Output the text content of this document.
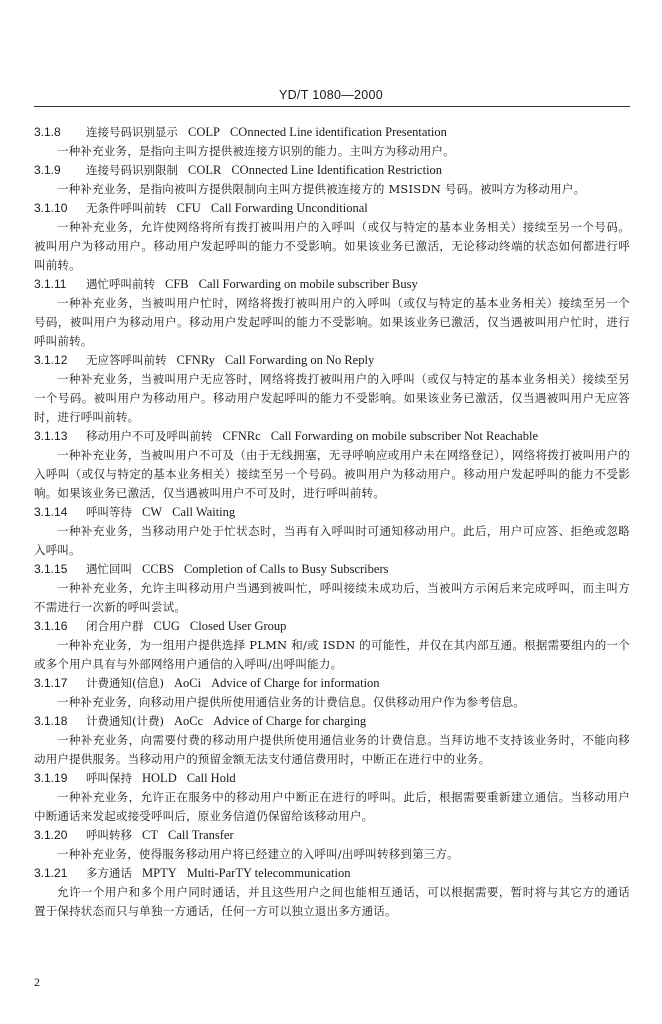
YD/T 1080—2000
3.1.8 连接号码识别显示 COLP COnnected Line identification Presentation

一种补充业务，是指向主叫方提供被连接方识别的能力。主叫方为移动用户。

3.1.9 连接号码识别限制 COLR COnnected Line Identification Restriction

一种补充业务，是指向被叫方提供限制向主叫方提供被连接方的 MSISDN 号码。被叫方为移动用户。

3.1.10 无条件呼叫前转 CFU Call Forwarding Unconditional

一种补充业务，允许使网络将所有拨打被叫用户的入呼叫（或仅与特定的基本业务相关）接续至另一个号码。被叫用户为移动用户。移动用户发起呼叫的能力不受影响。如果该业务已激活，无论移动终端的状态如何都进行呼叫前转。

3.1.11 遇忙呼叫前转 CFB Call Forwarding on mobile subscriber Busy

一种补充业务，当被叫用户忙时，网络将拨打被叫用户的入呼叫（或仅与特定的基本业务相关）接续至另一个号码，被叫用户为移动用户。移动用户发起呼叫的能力不受影响。如果该业务已激活，仅当遇被叫用户忙时，进行呼叫前转。

3.1.12 无应答呼叫前转 CFNRy Call Forwarding on No Reply

一种补充业务，当被叫用户无应答时，网络将拨打被叫用户的入呼叫（或仅与特定的基本业务相关）接续至另一个号码。被叫用户为移动用户。移动用户发起呼叫的能力不受影响。如果该业务已激活，仅当遇被叫用户无应答时，进行呼叫前转。

3.1.13 移动用户不可及呼叫前转 CFNRc Call Forwarding on mobile subscriber Not Reachable

一种补充业务，当被叫用户不可及（由于无线拥塞，无寻呼响应或用户未在网络登记），网络将拨打被叫用户的入呼叫（或仅与特定的基本业务相关）接续至另一个号码。被叫用户为移动用户。移动用户发起呼叫的能力不受影响。如果该业务已激活，仅当遇被叫用户不可及时，进行呼叫前转。

3.1.14 呼叫等待 CW Call Waiting

一种补充业务，当移动用户处于忙状态时，当再有入呼叫时可通知移动用户。此后，用户可应答、拒绝或忽略入呼叫。

3.1.15 遇忙回叫 CCBS Completion of Calls to Busy Subscribers

一种补充业务，允许主叫移动用户当遇到被叫忙，呼叫接续未成功后，当被叫方示闲后来完成呼叫，而主叫方不需进行一次新的呼叫尝试。

3.1.16 闭合用户群 CUG Closed User Group

一种补充业务，为一组用户提供选择 PLMN 和/或 ISDN 的可能性，并仅在其内部互通。根据需要组内的一个或多个用户具有与外部网络用户通信的入呼叫/出呼叫能力。

3.1.17 计费通知(信息) AoCi Advice of Charge for information

一种补充业务，向移动用户提供所使用通信业务的计费信息。仅供移动用户作为参考信息。

3.1.18 计费通知(计费) AoCc Advice of Charge for charging

一种补充业务，向需要付费的移动用户提供所使用通信业务的计费信息。当拜访地不支持该业务时，不能向移动用户提供服务。当移动用户的预留金额无法支付通信费用时，中断正在进行中的业务。

3.1.19 呼叫保持 HOLD Call Hold

一种补充业务，允许正在服务中的移动用户中断正在进行的呼叫。此后，根据需要重新建立通信。当移动用户中断通话来发起或接受呼叫后，原业务信道仍保留给该移动用户。

3.1.20 呼叫转移 CT Call Transfer

一种补充业务，使得服务移动用户将已经建立的入呼叫/出呼叫转移到第三方。

3.1.21 多方通话 MPTY Multi-ParTY telecommunication

允许一个用户和多个用户同时通话，并且这些用户之间也能相互通话，可以根据需要，暂时将与其它方的通话置于保持状态而只与单独一方通话，任何一方可以独立退出多方通话。

2
